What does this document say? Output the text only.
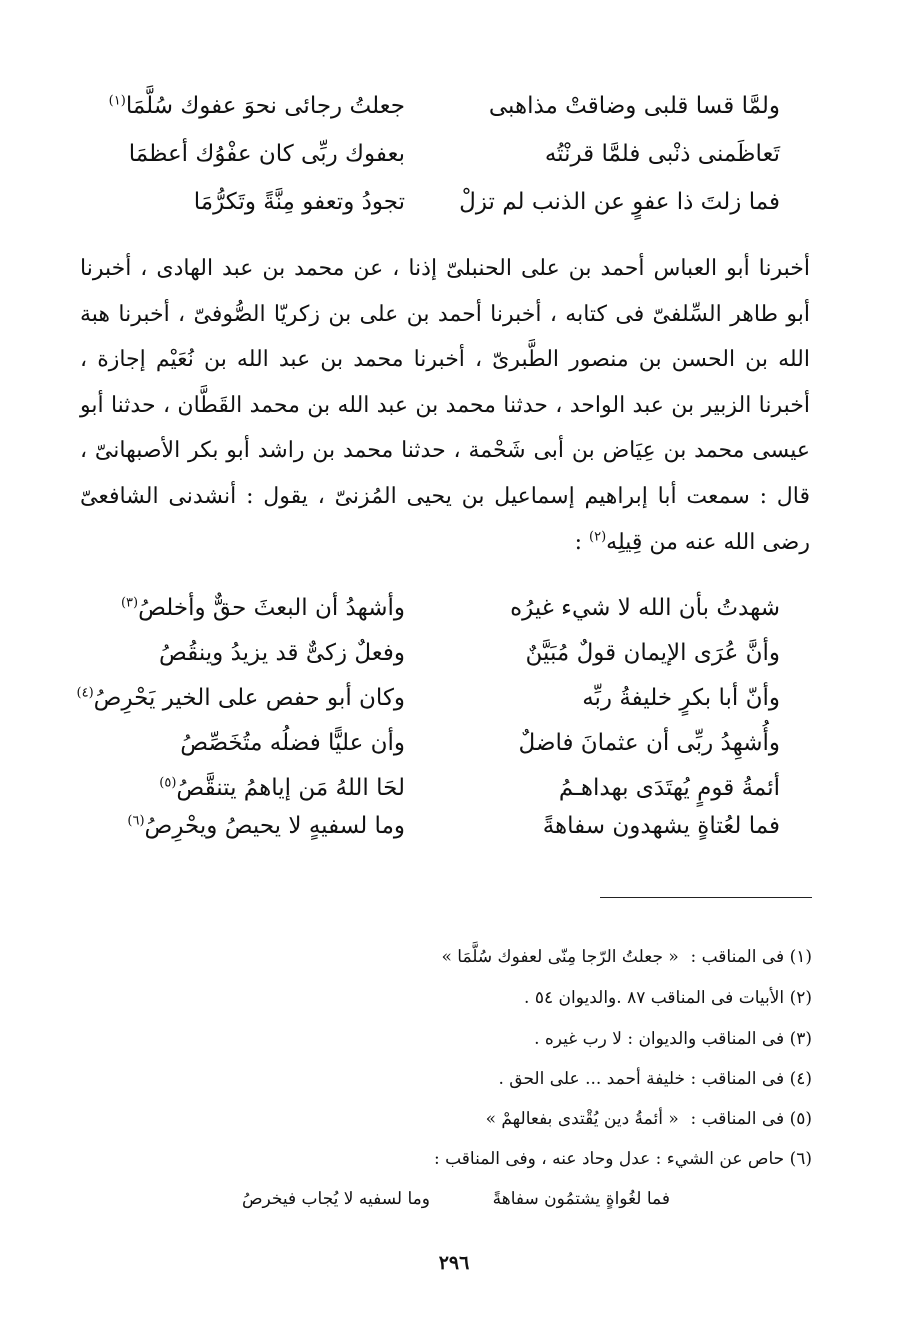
ولمَّا قسا قلبى وضاقتْ مذاهبى
جعلتُ رجائى نحوَ عفوك سُلَّمَا$^{(١)}$
تَعاظَمنى ذنْبى فلمَّا قرنْتُه
بعفوك ربِّى كان عفْوُك أعظمَا
فما زلتَ ذا عفوٍ عن الذنب لم تزلْ
تجودُ وتعفو مِنَّةً وتَكرُّمَا

أخبرنا أبو العباس أحمد بن على الحنبلىّ إذنا ، عن محمد بن عبد الهادى ، أخبرنا أبو طاهر السِّلفىّ فى كتابه ، أخبرنا أحمد بن على بن زكريّا الصُّوفىّ ، أخبرنا هبة الله بن الحسن بن منصور الطَّبرىّ ، أخبرنا محمد بن عبد الله بن نُعَيْم إجازة ، أخبرنا الزبير بن عبد الواحد ، حدثنا محمد بن عبد الله بن محمد القَطَّان ، حدثنا أبو عيسى محمد بن عِيَاض بن أبى شَحْمة ، حدثنا محمد بن راشد أبو بكر الأصبهانىّ ، قال : سمعت أبا إبراهيم إسماعيل بن يحيى المُزنىّ ، يقول : أنشدنى الشافعىّ رضى الله عنه من قِيلِه$^{(٢)}$ :

شهدتُ بأن الله لا شيء غيرُه
وأشهدُ أن البعثَ حقٌّ وأخلصُ$^{(٣)}$
وأنَّ عُرَى الإيمان قولٌ مُبَيَّنٌ
وفعلٌ زكىٌّ قد يزيدُ وينقُصُ
وأنّ أبا بكرٍ خليفةُ ربِّه
وكان أبو حفص على الخير يَحْرِصُ$^{(٤)}$
وأُشهِدُ ربِّى أن عثمانَ فاضلٌ
وأن عليًّا فضلُه متُخَصِّصُ
أئمةُ قومٍ يُهتَدَى بهداهـمُ
لحَا اللهُ مَن إياهمُ يتنقَّصُ$^{(٥)}$
فما لعُتاةٍ يشهدون سفاهةً
وما لسفيهٍ لا يحيصُ ويحْرِصُ$^{(٦)}$
(١) فى المناقب : « جعلتُ الرّجا مِنّى لعفوك سُلَّمَا »
(٢) الأبيات فى المناقب ٨٧ .والديوان ٥٤ .
(٣) فى المناقب والديوان : لا رب غيره .
(٤) فى المناقب : خليفة أحمد ... على الحق .
(٥) فى المناقب : « أئمةُ دين يُقْتدى بفعالهمْ »
(٦) حاص عن الشيء : عدل وحاد عنه ، وفى المناقب :
فما لغُواةٍ يشتمُون سفاهةً
وما لسفيه لا يُجاب فيخرصُ
٢٩٦
